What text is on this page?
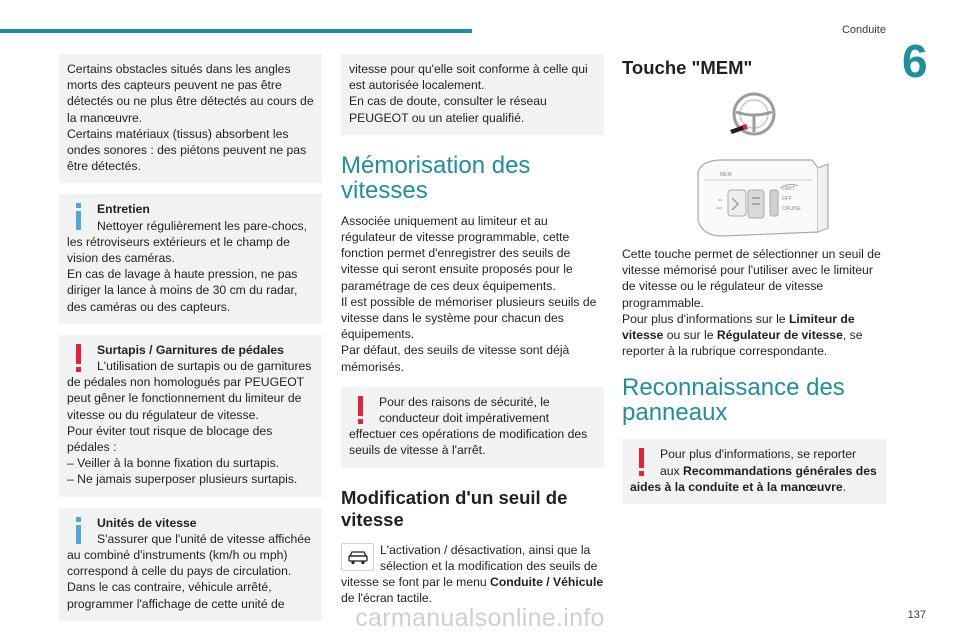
Conduite
6

Certains obstacles situés dans les angles morts des capteurs peuvent ne pas être détectés ou ne plus être détectés au cours de la manœuvre.

Certains matériaux (tissus) absorbent les ondes sonores : des piétons peuvent ne pas être détectés.

Entretien

Nettoyer régulièrement les pare-chocs, les rétroviseurs extérieurs et le champ de vision des caméras.

En cas de lavage à haute pression, ne pas diriger la lance à moins de 30 cm du radar, des caméras ou des capteurs.

Surtapis / Garnitures de pédales

L'utilisation de surtapis ou de garnitures de pédales non homologués par PEUGEOT peut gêner le fonctionnement du limiteur de vitesse ou du régulateur de vitesse.

Pour éviter tout risque de blocage des pédales :

– Veiller à la bonne fixation du surtapis.

– Ne jamais superposer plusieurs surtapis.

Unités de vitesse

S'assurer que l'unité de vitesse affichée au combiné d'instruments (km/h ou mph) correspond à celle du pays de circulation.

Dans le cas contraire, véhicule arrêté, programmer l'affichage de cette unité de

vitesse pour qu'elle soit conforme à celle qui est autorisée localement.

En cas de doute, consulter le réseau PEUGEOT ou un atelier qualifié.

Mémorisation des vitesses

Associée uniquement au limiteur et au régulateur de vitesse programmable, cette fonction permet d'enregistrer des seuils de vitesse qui seront ensuite proposés pour le paramétrage de ces deux équipements.

Il est possible de mémoriser plusieurs seuils de vitesse dans le système pour chacun des équipements.

Par défaut, des seuils de vitesse sont déjà mémorisés.

Pour des raisons de sécurité, le conducteur doit impérativement effectuer ces opérations de modification des seuils de vitesse à l'arrêt.

Modification d'un seuil de vitesse

L'activation / désactivation, ainsi que la sélection et la modification des seuils de vitesse se font par le menu Conduite / Véhicule de l'écran tactile.

Touche "MEM"
MEM
LIMIT
OFF
CRUISE

Cette touche permet de sélectionner un seuil de vitesse mémorisé pour l'utiliser avec le limiteur de vitesse ou le régulateur de vitesse programmable.

Pour plus d'informations sur le Limiteur de vitesse ou sur le Régulateur de vitesse, se reporter à la rubrique correspondante.

Reconnaissance des panneaux

Pour plus d'informations, se reporter aux Recommandations générales des aides à la conduite et à la manœuvre.

carmanualsonline.info	137
